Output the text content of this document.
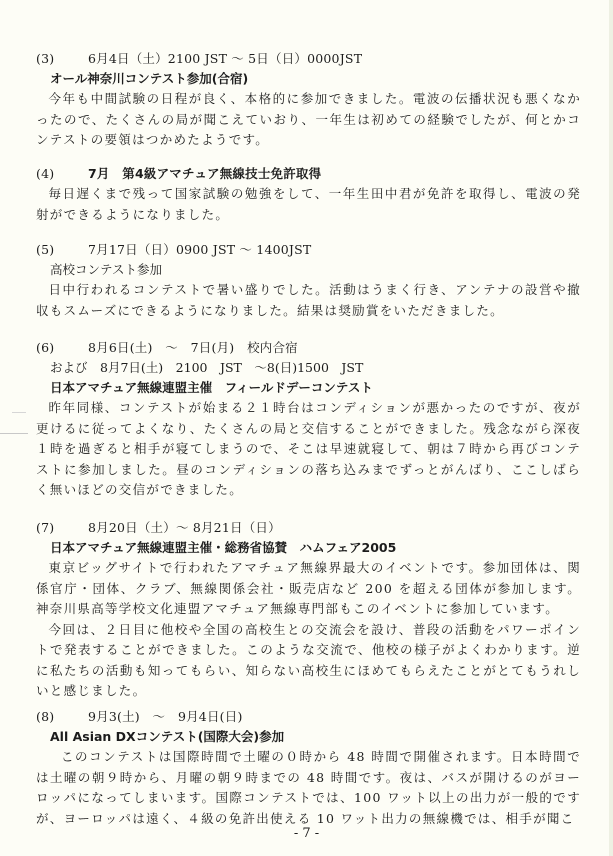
(3)	6月4日（土）2100 JST 〜 5日（日）0000JST
オール神奈川コンテスト参加(合宿)

今年も中間試験の日程が良く、本格的に参加できました。電波の伝播状況も悪くなかったので、たくさんの局が聞こえていおり、一年生は初めての経験でしたが、何とかコンテストの要領はつかめたようです。

(4)	7月　第4級アマチュア無線技士免許取得

毎日遅くまで残って国家試験の勉強をして、一年生田中君が免許を取得し、電波の発射ができるようになりました。

(5)	7月17日（日）0900 JST 〜 1400JST
高校コンテスト参加

日中行われるコンテストで暑い盛りでした。活動はうまく行き、アンテナの設営や撤収もスムーズにできるようになりました。結果は奨励賞をいただきました。

(6)	8月6日(土)　〜　7日(月)　校内合宿
および　8月7日(土)　2100　JST　〜8(日)1500　JST
日本アマチュア無線連盟主催　フィールドデーコンテスト

昨年同様、コンテストが始まる２１時台はコンディションが悪かったのですが、夜が更けるに従ってよくなり、たくさんの局と交信することができました。残念ながら深夜１時を過ぎると相手が寝てしまうので、そこは早速就寝して、朝は７時から再びコンテストに参加しました。昼のコンディションの落ち込みまでずっとがんばり、ここしばらく無いほどの交信ができました。

(7)	8月20日（土）〜 8月21日（日）
日本アマチュア無線連盟主催・総務省協賛　ハムフェア2005

東京ビッグサイトで行われたアマチュア無線界最大のイベントです。参加団体は、関係官庁・団体、クラブ、無線関係会社・販売店など 200 を超える団体が参加します。神奈川県高等学校文化連盟アマチュア無線専門部もこのイベントに参加しています。

今回は、２日目に他校や全国の高校生との交流会を設け、普段の活動をパワーポイントで発表することができました。このような交流で、他校の様子がよくわかります。逆に私たちの活動も知ってもらい、知らない高校生にほめてもらえたことがとてもうれしいと感じました。

(8)	9月3(土)　〜　9月4日(日)
All Asian DXコンテスト(国際大会)参加

このコンテストは国際時間で土曜の０時から 48 時間で開催されます。日本時間では土曜の朝９時から、月曜の朝９時までの 48 時間です。夜は、バスが開けるのがヨーロッパになってしまいます。国際コンテストでは、100 ワット以上の出力が一般的ですが、ヨーロッパは遠く、４級の免許出使える 10 ワット出力の無線機では、相手が聞こ

- 7 -
